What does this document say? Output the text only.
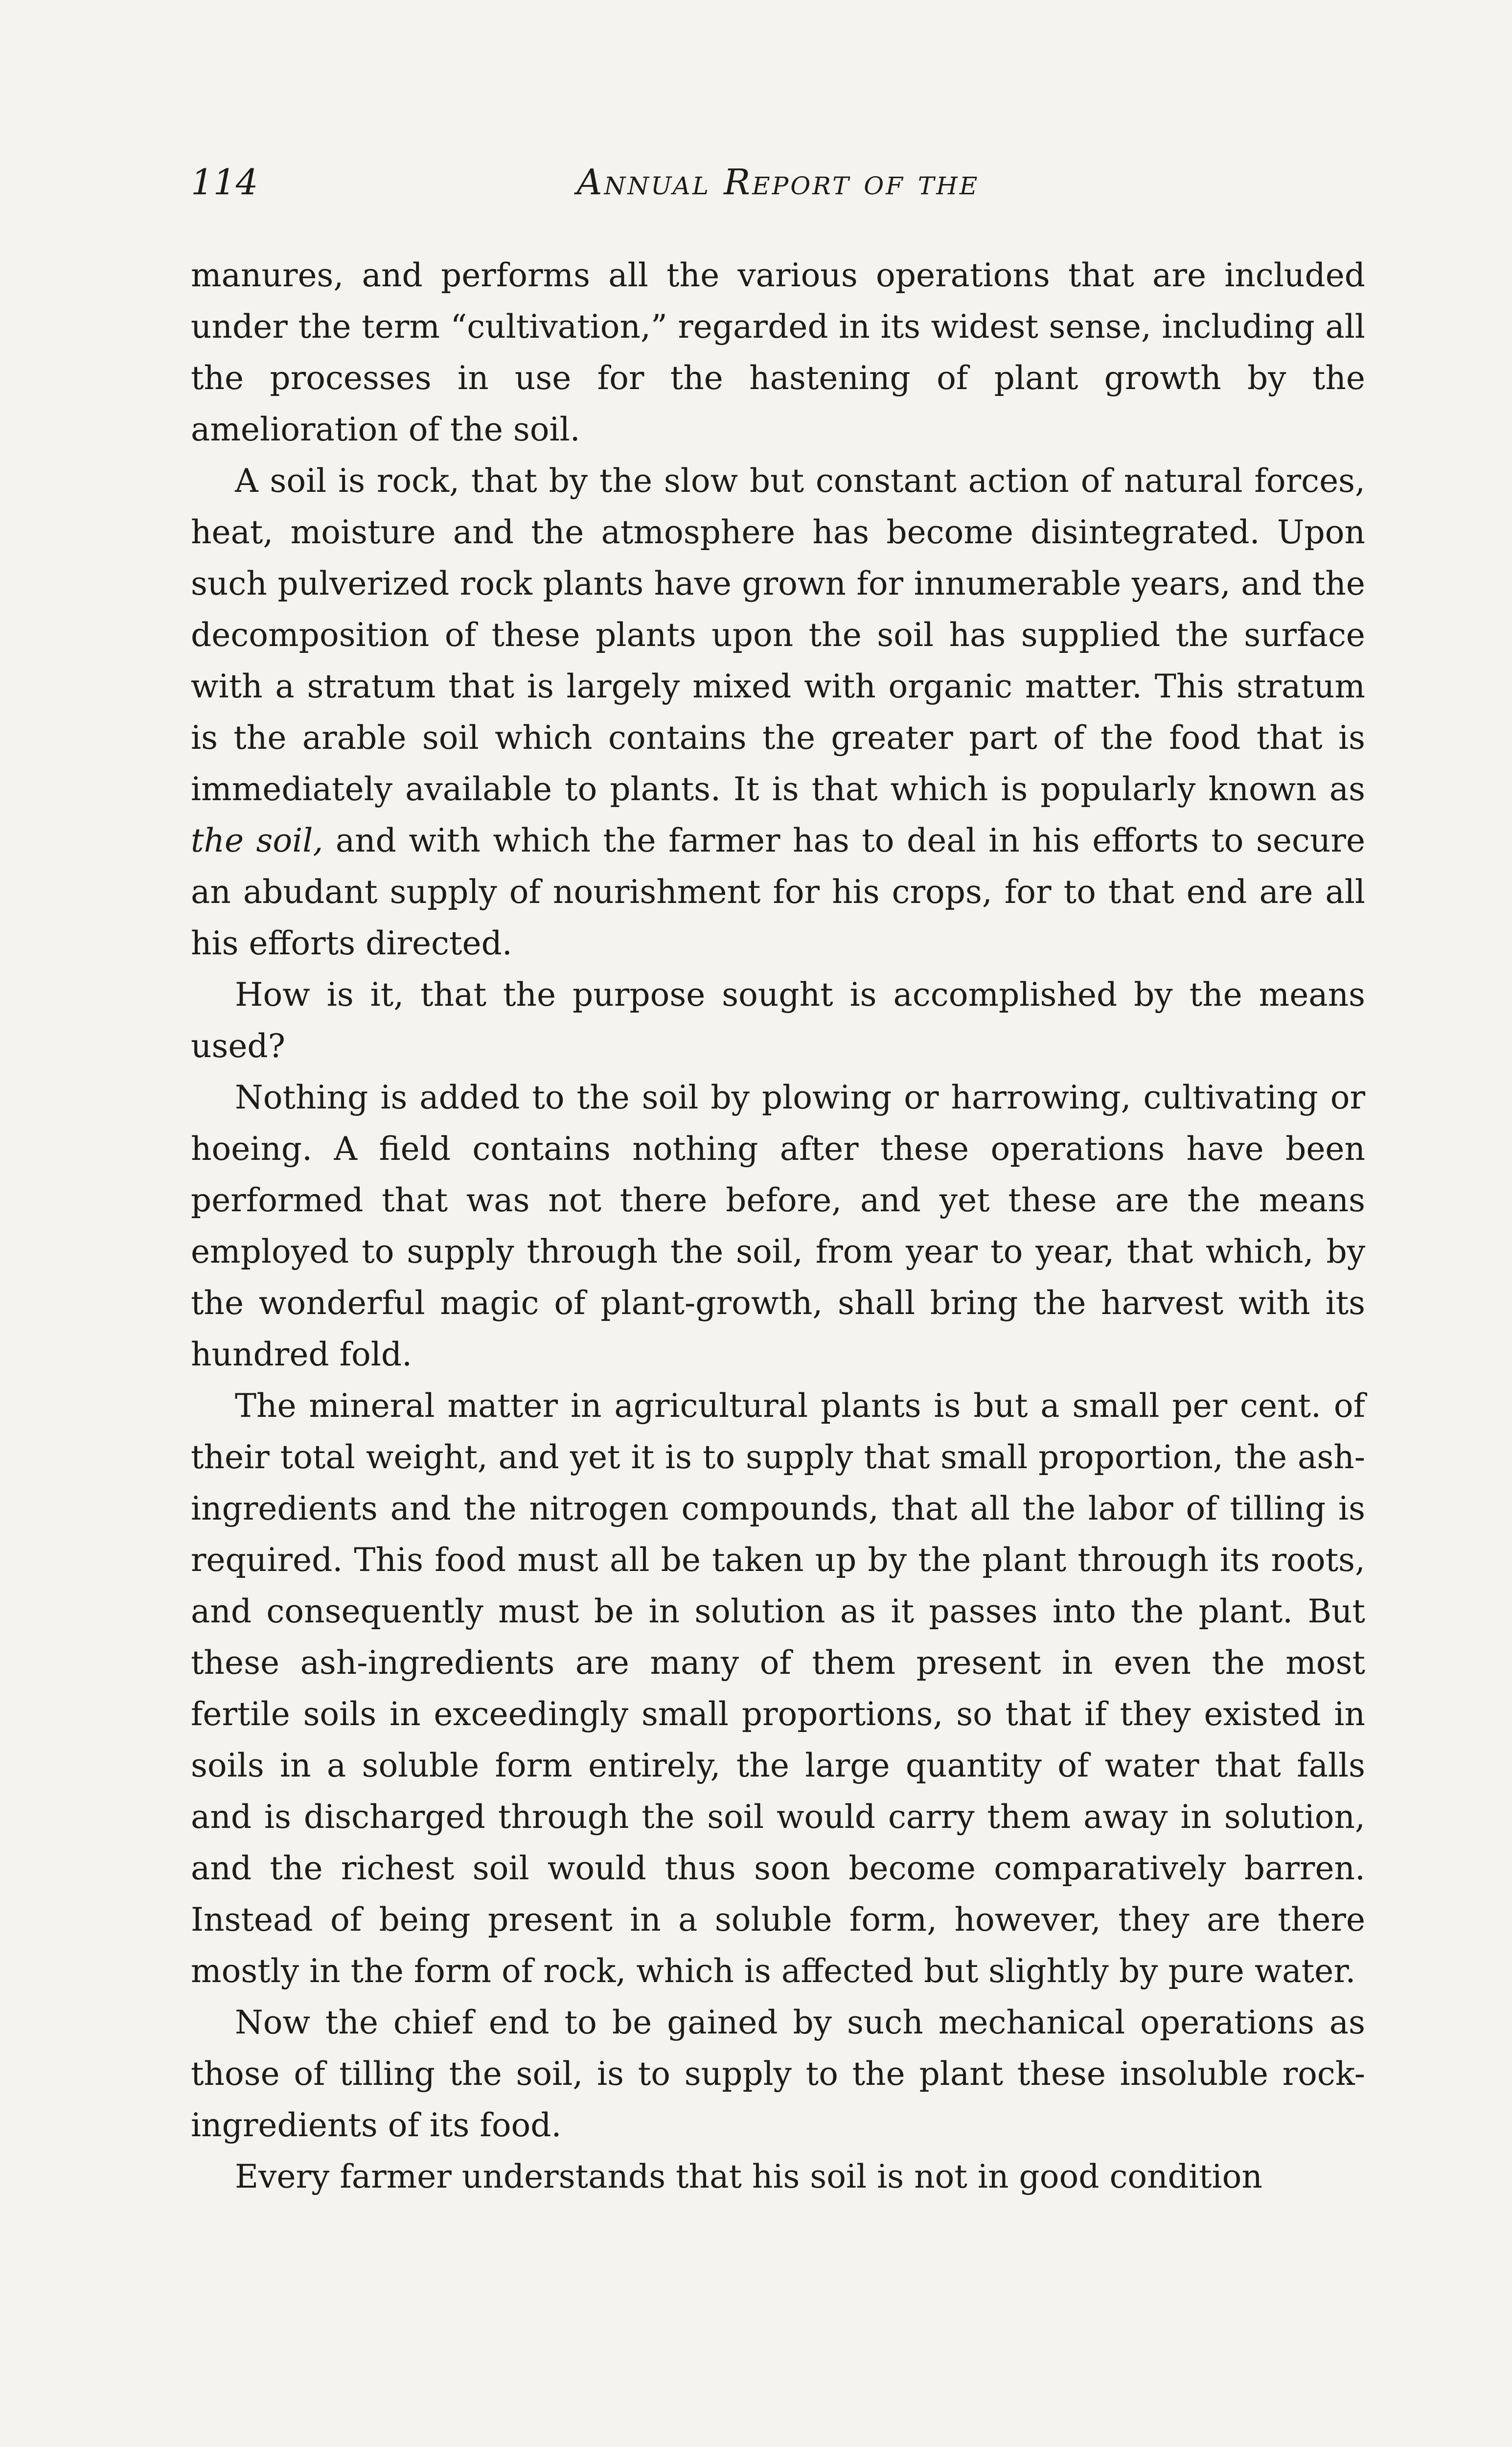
114	Annual Report of the

manures, and performs all the various operations that are included under the term “cultivation,” regarded in its widest sense, including all the processes in use for the hastening of plant growth by the amelioration of the soil.

A soil is rock, that by the slow but constant action of natural forces, heat, moisture and the atmosphere has become disintegrated. Upon such pulverized rock plants have grown for innumerable years, and the decomposition of these plants upon the soil has supplied the surface with a stratum that is largely mixed with organic matter. This stratum is the arable soil which contains the greater part of the food that is immediately available to plants. It is that which is popularly known as the soil, and with which the farmer has to deal in his efforts to secure an abudant supply of nourishment for his crops, for to that end are all his efforts directed.

How is it, that the purpose sought is accomplished by the means used?

Nothing is added to the soil by plowing or harrowing, cultivating or hoeing. A field contains nothing after these operations have been performed that was not there before, and yet these are the means employed to supply through the soil, from year to year, that which, by the wonderful magic of plant-growth, shall bring the harvest with its hundred fold.

The mineral matter in agricultural plants is but a small per cent. of their total weight, and yet it is to supply that small proportion, the ash-ingredients and the nitrogen compounds, that all the labor of tilling is required. This food must all be taken up by the plant through its roots, and consequently must be in solution as it passes into the plant. But these ash-ingredients are many of them present in even the most fertile soils in exceedingly small proportions, so that if they existed in soils in a soluble form entirely, the large quantity of water that falls and is discharged through the soil would carry them away in solution, and the richest soil would thus soon become comparatively barren. Instead of being present in a soluble form, however, they are there mostly in the form of rock, which is affected but slightly by pure water.

Now the chief end to be gained by such mechanical operations as those of tilling the soil, is to supply to the plant these insoluble rock-ingredients of its food.

Every farmer understands that his soil is not in good condition
